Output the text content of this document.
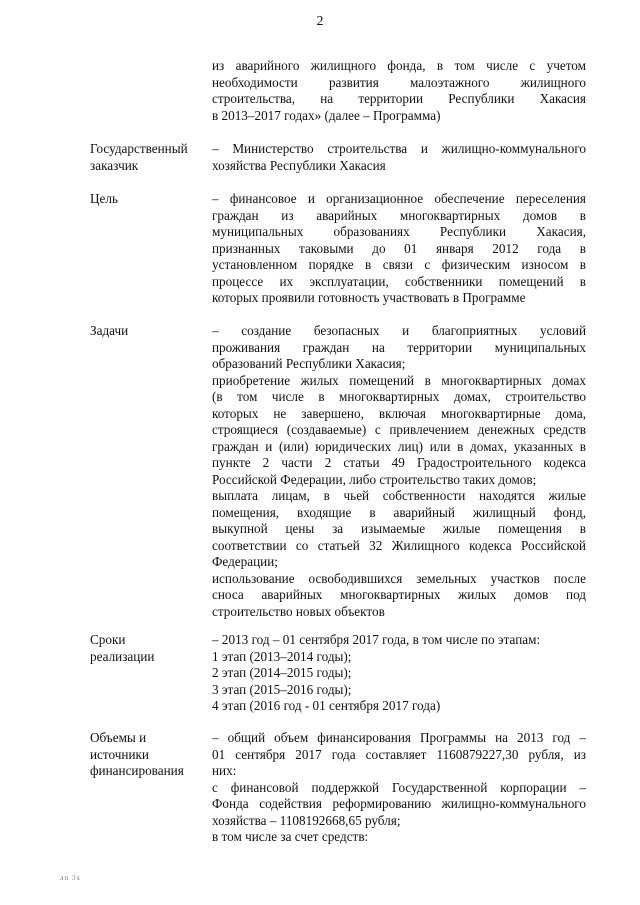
2
из аварийного жилищного фонда, в том числе с учетом
необходимости развития малоэтажного жилищного
строительства, на территории Республики Хакасия
в 2013–2017 годах» (далее – Программа)
Государственный
заказчик
– Министерство строительства и жилищно-коммунального
хозяйства Республики Хакасия
Цель	– финансовое и организационное обеспечение переселения
граждан из аварийных многоквартирных домов в
муниципальных образованиях Республики Хакасия,
признанных таковыми до 01 января 2012 года в
установленном порядке в связи с физическим износом в
процессе их эксплуатации, собственники помещений в
которых проявили готовность участвовать в Программе
Задачи	– создание безопасных и благоприятных условий
проживания граждан на территории муниципальных
образований Республики Хакасия;
приобретение жилых помещений в многоквартирных домах
(в том числе в многоквартирных домах, строительство
которых не завершено, включая многоквартирные дома,
строящиеся (создаваемые) с привлечением денежных средств
граждан и (или) юридических лиц) или в домах, указанных в
пункте 2 части 2 статьи 49 Градостроительного кодекса
Российской Федерации, либо строительство таких домов;
выплата лицам, в чьей собственности находятся жилые
помещения, входящие в аварийный жилищный фонд,
выкупной цены за изымаемые жилые помещения в
соответствии со статьей 32 Жилищного кодекса Российской
Федерации;
использование освободившихся земельных участков после
сноса аварийных многоквартирных жилых домов под
строительство новых объектов
Сроки
реализации
– 2013 год – 01 сентября 2017 года, в том числе по этапам:
1 этап (2013–2014 годы);
2 этап (2014–2015 годы);
3 этап (2015–2016 годы);
4 этап (2016 год - 01 сентября 2017 года)
Объемы и
источники
финансирования
– общий объем финансирования Программы на 2013 год –
01 сентября 2017 года составляет 1160879227,30 рубля, из
них:
с финансовой поддержкой Государственной корпорации –
Фонда содействия реформированию жилищно-коммунального
хозяйства – 1108192668,65 рубля;
в том числе за счет средств:
лп 3х
